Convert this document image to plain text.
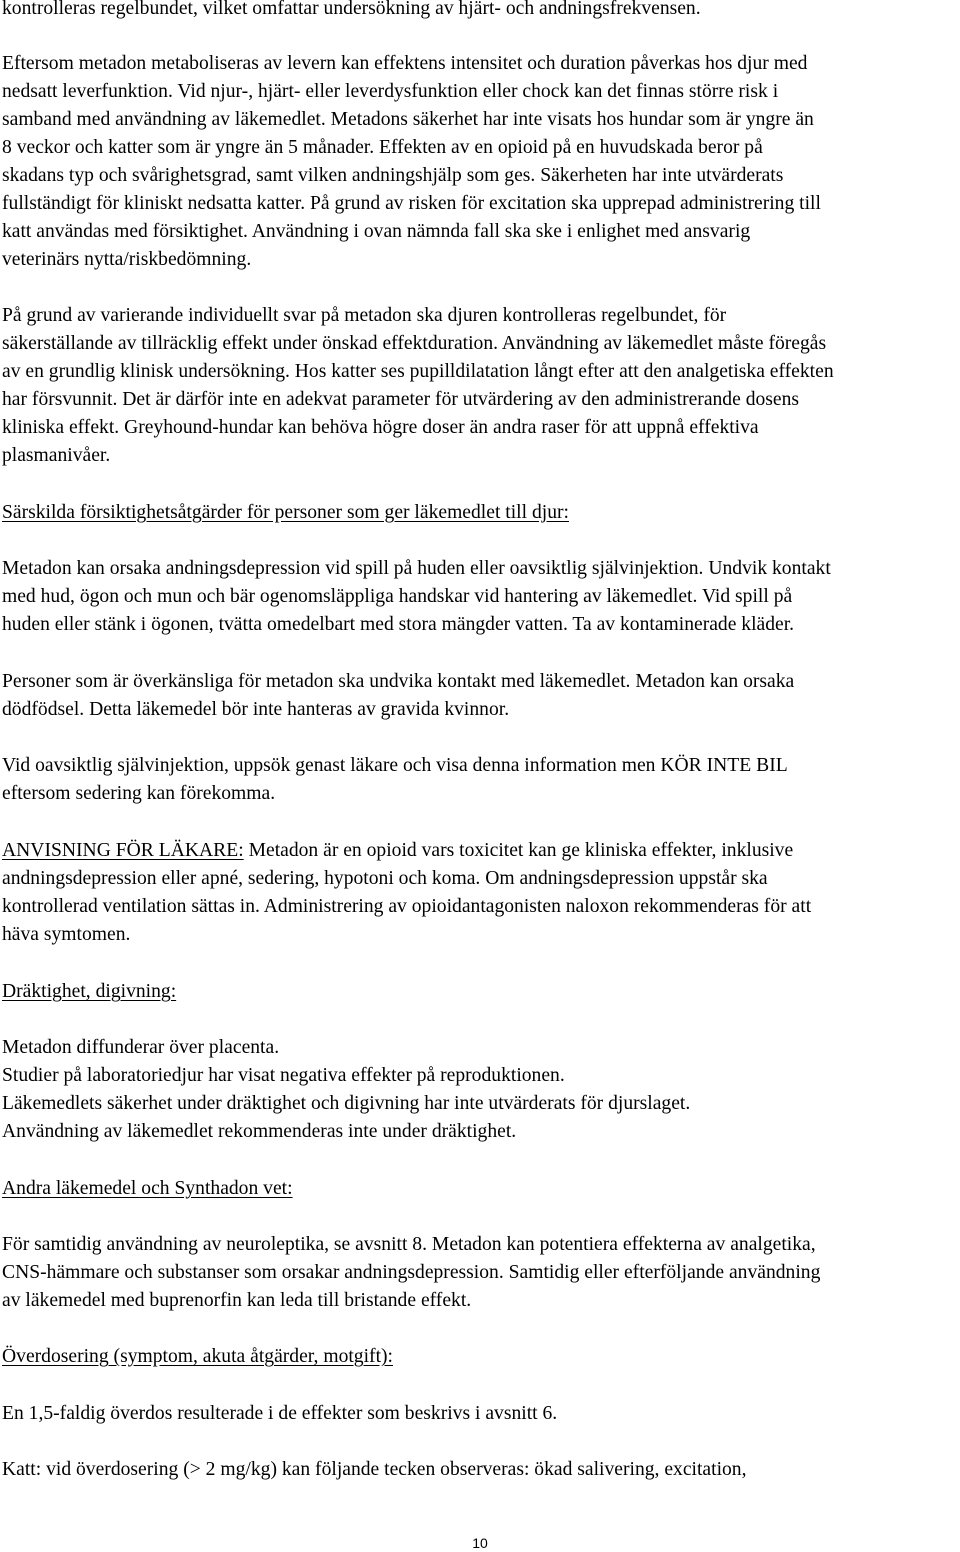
kontrolleras regelbundet, vilket omfattar undersökning av hjärt- och andningsfrekvensen.

Eftersom metadon metaboliseras av levern kan effektens intensitet och duration påverkas hos djur med

nedsatt leverfunktion. Vid njur-, hjärt- eller leverdysfunktion eller chock kan det finnas större risk i

samband med användning av läkemedlet. Metadons säkerhet har inte visats hos hundar som är yngre än

8 veckor och katter som är yngre än 5 månader. Effekten av en opioid på en huvudskada beror på

skadans typ och svårighetsgrad, samt vilken andningshjälp som ges. Säkerheten har inte utvärderats

fullständigt för kliniskt nedsatta katter. På grund av risken för excitation ska upprepad administrering till

katt användas med försiktighet. Användning i ovan nämnda fall ska ske i enlighet med ansvarig

veterinärs nytta/riskbedömning.

På grund av varierande individuellt svar på metadon ska djuren kontrolleras regelbundet, för

säkerställande av tillräcklig effekt under önskad effektduration. Användning av läkemedlet måste föregås

av en grundlig klinisk undersökning. Hos katter ses pupilldilatation långt efter att den analgetiska effekten

har försvunnit. Det är därför inte en adekvat parameter för utvärdering av den administrerande dosens

kliniska effekt. Greyhound-hundar kan behöva högre doser än andra raser för att uppnå effektiva

plasmanivåer.

Särskilda försiktighetsåtgärder för personer som ger läkemedlet till djur:

Metadon kan orsaka andningsdepression vid spill på huden eller oavsiktlig självinjektion. Undvik kontakt

med hud, ögon och mun och bär ogenomsläppliga handskar vid hantering av läkemedlet. Vid spill på

huden eller stänk i ögonen, tvätta omedelbart med stora mängder vatten. Ta av kontaminerade kläder.

Personer som är överkänsliga för metadon ska undvika kontakt med läkemedlet. Metadon kan orsaka

dödfödsel. Detta läkemedel bör inte hanteras av gravida kvinnor.

Vid oavsiktlig självinjektion, uppsök genast läkare och visa denna information men KÖR INTE BIL

eftersom sedering kan förekomma.

ANVISNING FÖR LÄKARE: Metadon är en opioid vars toxicitet kan ge kliniska effekter, inklusive

andningsdepression eller apné, sedering, hypotoni och koma. Om andningsdepression uppstår ska

kontrollerad ventilation sättas in. Administrering av opioidantagonisten naloxon rekommenderas för att

häva symtomen.

Dräktighet, digivning:

Metadon diffunderar över placenta.

Studier på laboratoriedjur har visat negativa effekter på reproduktionen.

Läkemedlets säkerhet under dräktighet och digivning har inte utvärderats för djurslaget.

Användning av läkemedlet rekommenderas inte under dräktighet.

Andra läkemedel och Synthadon vet:

För samtidig användning av neuroleptika, se avsnitt 8. Metadon kan potentiera effekterna av analgetika,

CNS-hämmare och substanser som orsakar andningsdepression. Samtidig eller efterföljande användning

av läkemedel med buprenorfin kan leda till bristande effekt.

Överdosering (symptom, akuta åtgärder, motgift):

En 1,5-faldig överdos resulterade i de effekter som beskrivs i avsnitt 6.

Katt: vid överdosering (> 2 mg/kg) kan följande tecken observeras: ökad salivering, excitation,

10
